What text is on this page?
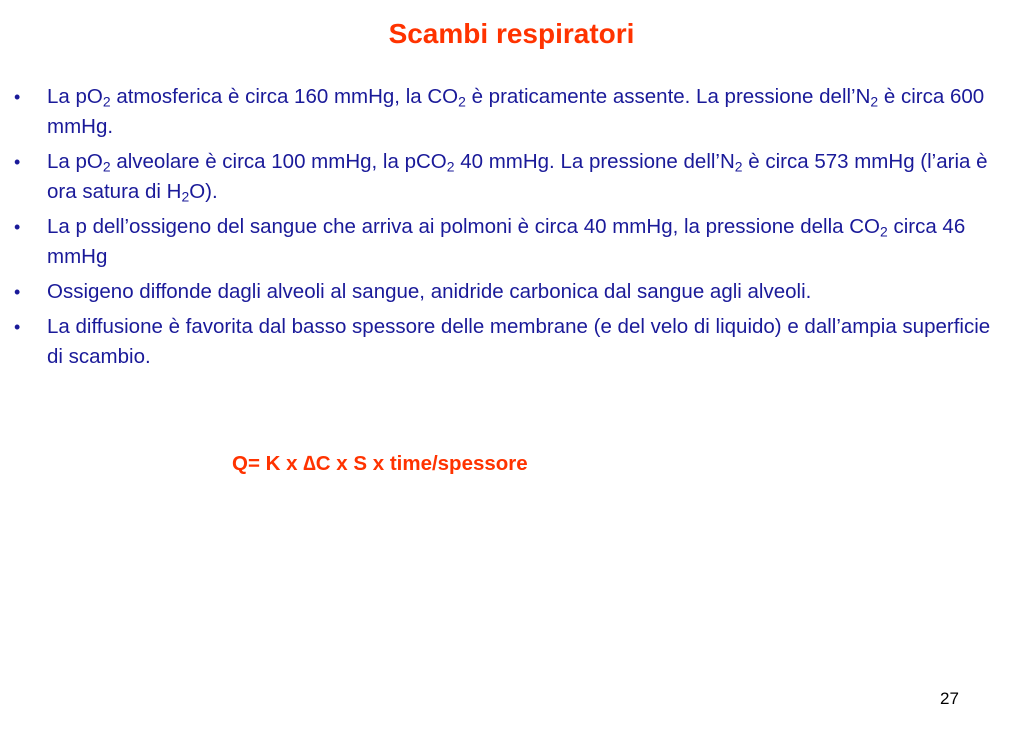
Scambi respiratori
•	La $pO_2$ atmosferica è circa 160 mmHg, la $CO_2$ è praticamente assente. La pressione $dell’N_2$ è circa 600 mmHg.
•	La $pO_2$ alveolare è circa 100 mmHg, la pCO$_2$ 40 mmHg. La pressione $dell’N_2$ è circa 573 mmHg (l’aria è ora satura di $H_2O$).
•	La p dell’ossigeno del sangue che arriva ai polmoni è circa 40 mmHg, la pressione della $CO_2$ circa 46 mmHg
•	Ossigeno diffonde dagli alveoli al sangue, anidride carbonica dal sangue agli alveoli.
•	La diffusione è favorita dal basso spessore delle membrane (e del velo di liquido) e dall’ampia superficie di scambio.
Q= K x ∆C x S x time/spessore
27
